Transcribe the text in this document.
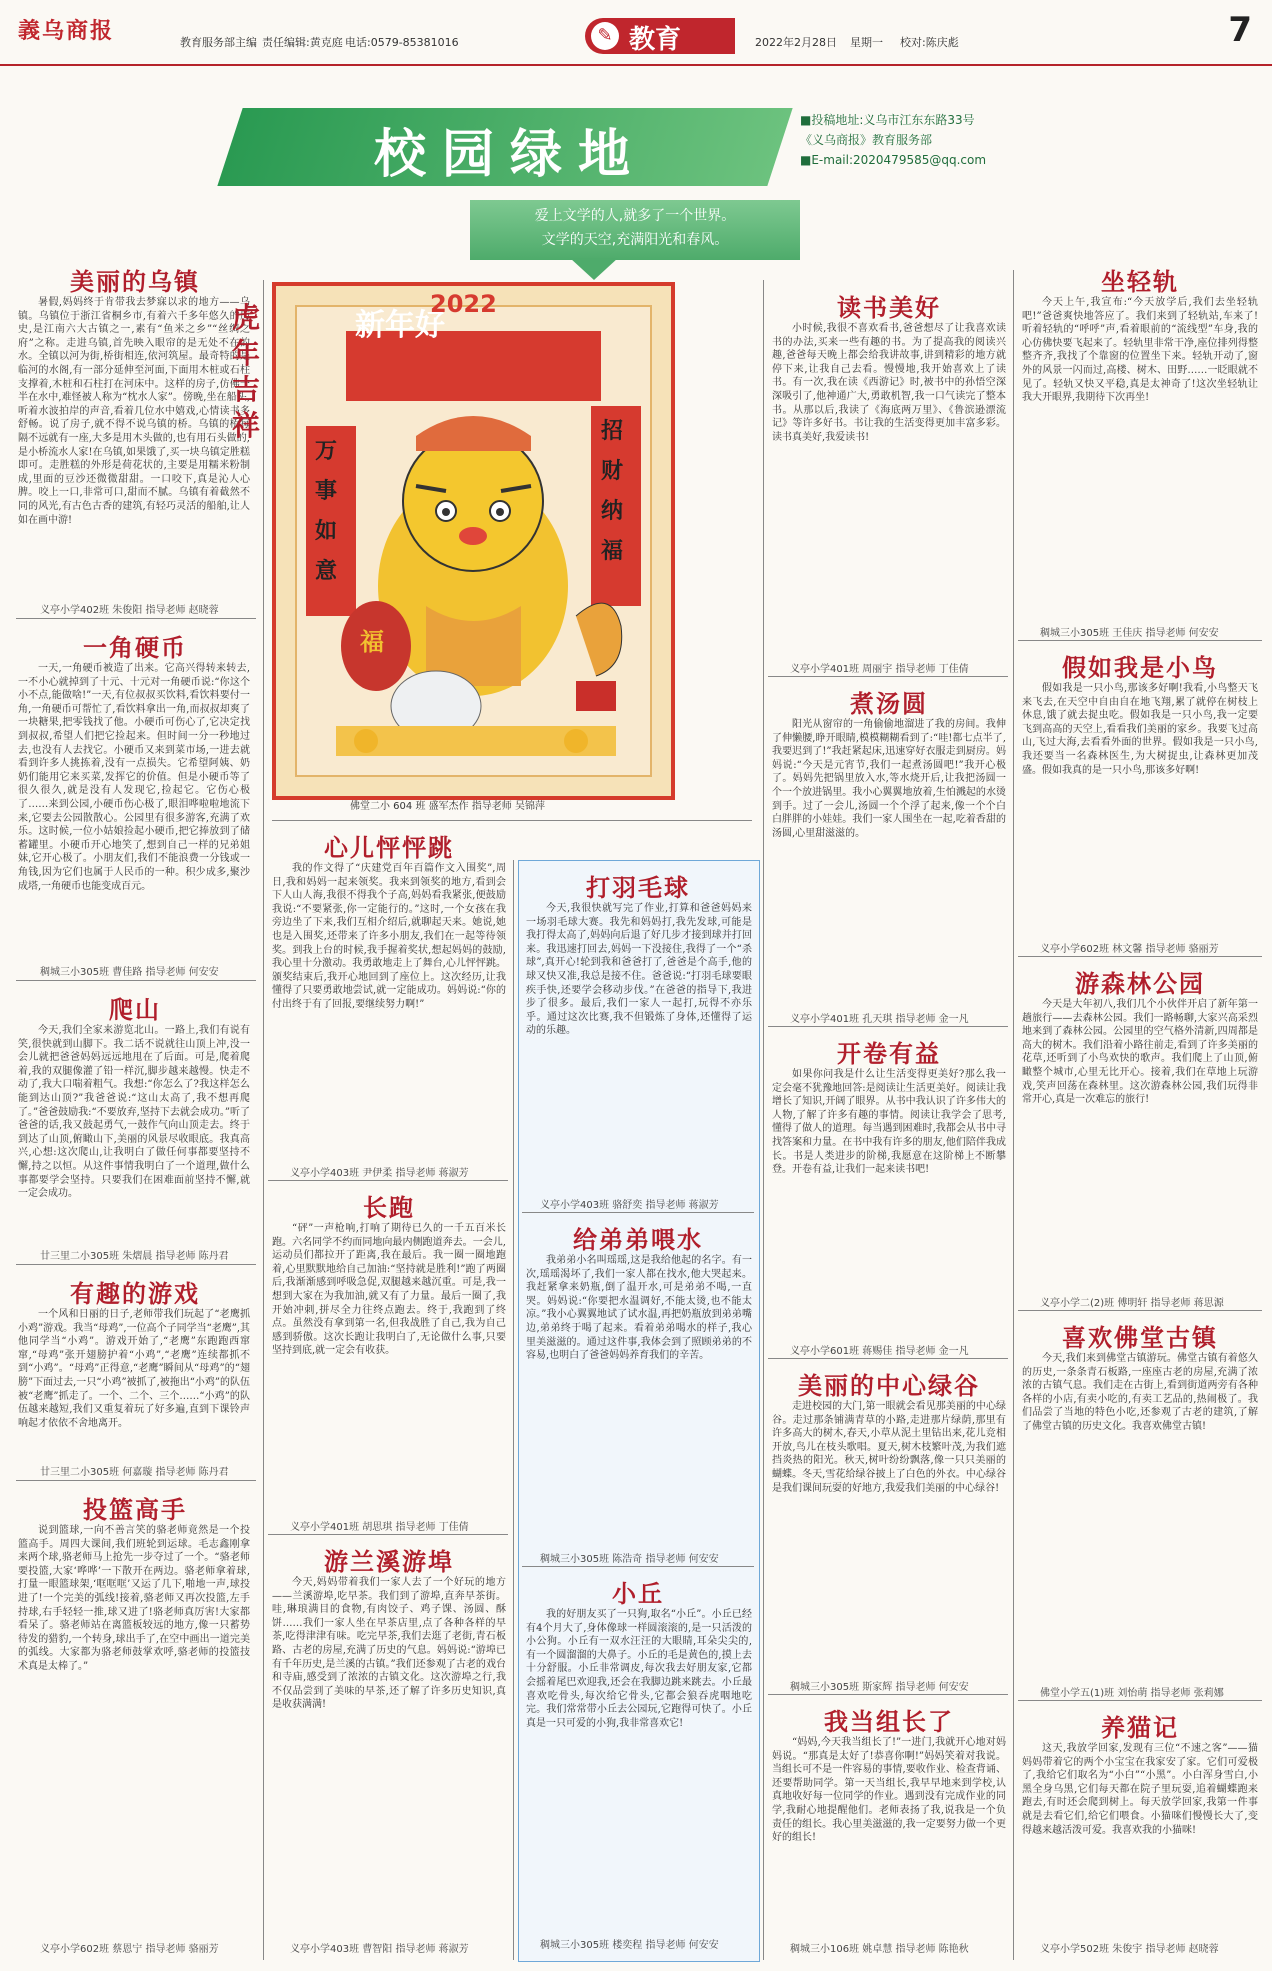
義乌商报	教育服务部主编 责任编辑:黄克庭 电话:0579-85381016	✎ 教育	2022年2月28日 星期一 校对:陈庆彪	7
校园绿地
■投稿地址:义乌市江东东路33号
《义乌商报》教育服务部
■E-mail:2020479585@qq.com
爱上文学的人,就多了一个世界。
文学的天空,充满阳光和春风。
美丽的乌镇
暑假,妈妈终于肯带我去梦寐以求的地方——乌镇。乌镇位于浙江省桐乡市,有着六千多年悠久的历史,是江南六大古镇之一,素有“鱼米之乡”“丝绸之府”之称。走进乌镇,首先映入眼帘的是无处不在的水。全镇以河为街,桥街相连,依河筑屋。最奇特的是临河的水阁,有一部分延伸至河面,下面用木桩或石柱支撑着,木桩和石柱打在河床中。这样的房子,仿佛一半在水中,难怪被人称为“枕水人家”。傍晚,坐在船头,听着水波拍岸的声音,看着几位水中嬉戏,心情读书多舒畅。说了房子,就不得不说乌镇的桥。乌镇的桥每隔不远就有一座,大多是用木头做的,也有用石头做的,是小桥流水人家!在乌镇,如果饿了,买一块乌镇定胜糕即可。走胜糕的外形是荷花状的,主要是用糯米粉制成,里面的豆沙还微微甜甜。一口咬下,真是沁人心脾。咬上一口,非常可口,甜而不腻。乌镇有着截然不同的风光,有古色古香的建筑,有轻巧灵活的船舶,让人如在画中游!
义亭小学402班 朱俊阳 指导老师 赵晓蓉
一角硬币
一天,一角硬币被造了出来。它高兴得转来转去,一不小心就掉到了十元、十元对一角硬币说:“你这个小不点,能做啥!”一天,有位叔叔买饮料,看饮料要付一角,一角硬币可帮忙了,看饮料拿出一角,而叔叔却爽了一块糖果,把零钱找了他。小硬币可伤心了,它决定找到叔叔,希望人们把它捡起来。但时间一分一秒地过去,也没有人去找它。小硬币又来到菜市场,一进去就看到许多人挑拣着,没有一点损失。它希望阿姨、奶奶们能用它来买菜,发挥它的价值。但是小硬币等了很久很久,就是没有人发现它,捡起它。它伤心极了……来到公园,小硬币伤心极了,眼泪哗啦啦地流下来,它要去公园散散心。公园里有很多游客,充满了欢乐。这时候,一位小姑娘捡起小硬币,把它捧放到了储蓄罐里。小硬币开心地笑了,想到自己一样的兄弟姐妹,它开心极了。小朋友们,我们不能浪费一分钱或一角钱,因为它们也属于人民币的一种。积少成多,聚沙成塔,一角硬币也能变成百元。
稠城三小305班 曹佳路 指导老师 何安安
爬山
今天,我们全家来游览北山。一路上,我们有说有笑,很快就到山脚下。我二话不说就往山顶上冲,没一会儿就把爸爸妈妈远远地甩在了后面。可是,爬着爬着,我的双腿像灌了铅一样沉,脚步越来越慢。快走不动了,我大口喘着粗气。我想:“你怎么了?我这样怎么能到达山顶?”我爸爸说:“这山太高了,我不想再爬了。”爸爸鼓励我:“不要放弃,坚持下去就会成功。”听了爸爸的话,我又鼓起勇气,一鼓作气向山顶走去。终于到达了山顶,俯瞰山下,美丽的风景尽收眼底。我真高兴,心想:这次爬山,让我明白了做任何事都要坚持不懈,持之以恒。从这件事情我明白了一个道理,做什么事都要学会坚持。只要我们在困难面前坚持不懈,就一定会成功。
廿三里二小305班 朱熠晨 指导老师 陈丹君
有趣的游戏
一个风和日丽的日子,老师带我们玩起了“老鹰抓小鸡”游戏。我当“母鸡”,一位高个子同学当“老鹰”,其他同学当“小鸡”。游戏开始了,“老鹰”东跑跑西窜窜,“母鸡”张开翅膀护着“小鸡”,“老鹰”连续都抓不到“小鸡”。“母鸡”正得意,“老鹰”瞬间从“母鸡”的“翅膀”下面过去,一只“小鸡”被抓了,被拖出“小鸡”的队伍被“老鹰”抓走了。一个、二个、三个……“小鸡”的队伍越来越短,我们又重复着玩了好多遍,直到下课铃声响起才依依不舍地离开。
廿三里二小305班 何嘉璇 指导老师 陈丹君
投篮高手
说到篮球,一向不善言笑的骆老师竟然是一个投篮高手。周四大课间,我们班轮到运球。毛志鑫刚拿来两个球,骆老师马上抢先一步夺过了一个。“骆老师要投篮,大家‘哗哗’一下散开在两边。骆老师拿着球,打量一眼篮球架,‘哐哐哐’又运了几下,啪地一声,球投进了!一个完美的弧线!接着,骆老师又再次投篮,左手持球,右手轻轻一推,球又进了!骆老师真厉害!大家都看呆了。骆老师站在离篮板较远的地方,像一只蓄势待发的猎豹,一个转身,球出手了,在空中画出一道完美的弧线。大家都为骆老师鼓掌欢呼,骆老师的投篮技术真是太棒了。”
义亭小学602班 蔡恩宁 指导老师 骆丽芳
虎年吉祥
新年好
2022
万事如意
招财纳福
福
佛堂二小 604 班 盛军杰作 指导老师 吴锦萍
心儿怦怦跳
我的作文得了“庆建党百年百篇作文入围奖”,周日,我和妈妈一起来领奖。我来到领奖的地方,看到会下人山人海,我很不得我个子高,妈妈看我紧张,便鼓励我说:“不要紧张,你一定能行的。”这时,一个女孩在我旁边坐了下来,我们互相介绍后,就聊起天来。她说,她也是入围奖,还带来了许多小朋友,我们在一起等待领奖。到我上台的时候,我手握着奖状,想起妈妈的鼓励,我心里十分激动。我勇敢地走上了舞台,心儿怦怦跳。颁奖结束后,我开心地回到了座位上。这次经历,让我懂得了只要勇敢地尝试,就一定能成功。妈妈说:“你的付出终于有了回报,要继续努力啊!”
义亭小学403班 尹伊柔 指导老师 蒋淑芳
长跑
“砰”一声枪响,打响了期待已久的一千五百米长跑。六名同学不约而同地向最内侧跑道奔去。一会儿,运动员们都拉开了距离,我在最后。我一圈一圈地跑着,心里默默地给自己加油:“坚持就是胜利!”跑了两圈后,我渐渐感到呼吸急促,双腿越来越沉重。可是,我一想到大家在为我加油,就又有了力量。最后一圈了,我开始冲刺,拼尽全力往终点跑去。终于,我跑到了终点。虽然没有拿到第一名,但我战胜了自己,我为自己感到骄傲。这次长跑让我明白了,无论做什么事,只要坚持到底,就一定会有收获。
义亭小学401班 胡思琪 指导老师 丁佳倩
游兰溪游埠
今天,妈妈带着我们一家人去了一个好玩的地方——兰溪游埠,吃早茶。我们到了游埠,直奔早茶街。哇,琳琅满目的食物,有肉饺子、鸡子馃、汤圆、酥饼……我们一家人坐在早茶店里,点了各种各样的早茶,吃得津津有味。吃完早茶,我们去逛了老街,青石板路、古老的房屋,充满了历史的气息。妈妈说:“游埠已有千年历史,是兰溪的古镇。”我们还参观了古老的戏台和寺庙,感受到了浓浓的古镇文化。这次游埠之行,我不仅品尝到了美味的早茶,还了解了许多历史知识,真是收获满满!
义亭小学403班 曹智阳 指导老师 蒋淑芳
打羽毛球
今天,我很快就写完了作业,打算和爸爸妈妈来一场羽毛球大赛。我先和妈妈打,我先发球,可能是我打得太高了,妈妈向后退了好几步才接到球并打回来。我迅速打回去,妈妈一下没接住,我得了一个“杀球”,真开心!轮到我和爸爸打了,爸爸是个高手,他的球又快又准,我总是接不住。爸爸说:“打羽毛球要眼疾手快,还要学会移动步伐。”在爸爸的指导下,我进步了很多。最后,我们一家人一起打,玩得不亦乐乎。通过这次比赛,我不但锻炼了身体,还懂得了运动的乐趣。
义亭小学403班 骆舒奕 指导老师 蒋淑芳
给弟弟喂水
我弟弟小名叫瑶瑶,这是我给他起的名字。有一次,瑶瑶渴坏了,我们一家人都在找水,他大哭起来。我赶紧拿来奶瓶,倒了温开水,可是弟弟不喝,一直哭。妈妈说:“你要把水温调好,不能太烫,也不能太凉。”我小心翼翼地试了试水温,再把奶瓶放到弟弟嘴边,弟弟终于喝了起来。看着弟弟喝水的样子,我心里美滋滋的。通过这件事,我体会到了照顾弟弟的不容易,也明白了爸爸妈妈养育我们的辛苦。
稠城三小305班 陈浩奇 指导老师 何安安
小丘
我的好朋友买了一只狗,取名“小丘”。小丘已经有4个月大了,身体像球一样圆滚滚的,是一只活泼的小公狗。小丘有一双水汪汪的大眼睛,耳朵尖尖的,有一个圆溜溜的大鼻子。小丘的毛是黄色的,摸上去十分舒服。小丘非常调皮,每次我去好朋友家,它都会摇着尾巴欢迎我,还会在我脚边跳来跳去。小丘最喜欢吃骨头,每次给它骨头,它都会狼吞虎咽地吃完。我们常常带小丘去公园玩,它跑得可快了。小丘真是一只可爱的小狗,我非常喜欢它!
稠城三小305班 楼奕程 指导老师 何安安
读书美好
小时候,我很不喜欢看书,爸爸想尽了让我喜欢读书的办法,买来一些有趣的书。为了提高我的阅读兴趣,爸爸每天晚上都会给我讲故事,讲到精彩的地方就停下来,让我自己去看。慢慢地,我开始喜欢上了读书。有一次,我在读《西游记》时,被书中的孙悟空深深吸引了,他神通广大,勇敢机智,我一口气读完了整本书。从那以后,我读了《海底两万里》、《鲁滨逊漂流记》等许多好书。书让我的生活变得更加丰富多彩。读书真美好,我爱读书!
义亭小学401班 周丽宇 指导老师 丁佳倩
煮汤圆
阳光从窗帘的一角偷偷地溜进了我的房间。我伸了伸懒腰,睁开眼睛,模模糊糊看到了:“哇!都七点半了,我要迟到了!”我赶紧起床,迅速穿好衣服走到厨房。妈妈说:“今天是元宵节,我们一起煮汤圆吧!”我开心极了。妈妈先把锅里放入水,等水烧开后,让我把汤圆一个一个放进锅里。我小心翼翼地放着,生怕溅起的水烫到手。过了一会儿,汤圆一个个浮了起来,像一个个白白胖胖的小娃娃。我们一家人围坐在一起,吃着香甜的汤圆,心里甜滋滋的。
义亭小学401班 孔天琪 指导老师 金一凡
开卷有益
如果你问我是什么让生活变得更美好?那么我一定会毫不犹豫地回答:是阅读让生活更美好。阅读让我增长了知识,开阔了眼界。从书中我认识了许多伟大的人物,了解了许多有趣的事情。阅读让我学会了思考,懂得了做人的道理。每当遇到困难时,我都会从书中寻找答案和力量。在书中我有许多的朋友,他们陪伴我成长。书是人类进步的阶梯,我愿意在这阶梯上不断攀登。开卷有益,让我们一起来读书吧!
义亭小学601班 蒋赐佳 指导老师 金一凡
美丽的中心绿谷
走进校园的大门,第一眼就会看见那美丽的中心绿谷。走过那条铺满青草的小路,走进那片绿荫,那里有许多高大的树木,春天,小草从泥土里钻出来,花儿竞相开放,鸟儿在枝头歌唱。夏天,树木枝繁叶茂,为我们遮挡炎热的阳光。秋天,树叶纷纷飘落,像一只只美丽的蝴蝶。冬天,雪花给绿谷披上了白色的外衣。中心绿谷是我们课间玩耍的好地方,我爱我们美丽的中心绿谷!
稠城三小305班 斯家辉 指导老师 何安安
我当组长了
“妈妈,今天我当组长了!”一进门,我就开心地对妈妈说。“那真是太好了!恭喜你啊!”妈妈笑着对我说。当组长可不是一件容易的事情,要收作业、检查背诵、还要帮助同学。第一天当组长,我早早地来到学校,认真地收好每一位同学的作业。遇到没有完成作业的同学,我耐心地提醒他们。老师表扬了我,说我是一个负责任的组长。我心里美滋滋的,我一定要努力做一个更好的组长!
稠城三小106班 姚卓慧 指导老师 陈艳秋
坐轻轨
今天上午,我宣布:“今天放学后,我们去坐轻轨吧!”爸爸爽快地答应了。我们来到了轻轨站,车来了!听着轻轨的“呼呼”声,看着眼前的“流线型”车身,我的心仿佛快要飞起来了。轻轨里非常干净,座位排列得整整齐齐,我找了个靠窗的位置坐下来。轻轨开动了,窗外的风景一闪而过,高楼、树木、田野……一眨眼就不见了。轻轨又快又平稳,真是太神奇了!这次坐轻轨让我大开眼界,我期待下次再坐!
稠城三小305班 王佳庆 指导老师 何安安
假如我是小鸟
假如我是一只小鸟,那该多好啊!我看,小鸟整天飞来飞去,在天空中自由自在地飞翔,累了就停在树枝上休息,饿了就去捉虫吃。假如我是一只小鸟,我一定要飞到高高的天空上,看看我们美丽的家乡。我要飞过高山,飞过大海,去看看外面的世界。假如我是一只小鸟,我还要当一名森林医生,为大树捉虫,让森林更加茂盛。假如我真的是一只小鸟,那该多好啊!
义亭小学602班 林文馨 指导老师 骆丽芳
游森林公园
今天是大年初八,我们几个小伙伴开启了新年第一趟旅行——去森林公园。我们一路畅聊,大家兴高采烈地来到了森林公园。公园里的空气格外清新,四周都是高大的树木。我们沿着小路往前走,看到了许多美丽的花草,还听到了小鸟欢快的歌声。我们爬上了山顶,俯瞰整个城市,心里无比开心。接着,我们在草地上玩游戏,笑声回荡在森林里。这次游森林公园,我们玩得非常开心,真是一次难忘的旅行!
义亭小学二(2)班 傅明轩 指导老师 蒋思源
喜欢佛堂古镇
今天,我们来到佛堂古镇游玩。佛堂古镇有着悠久的历史,一条条青石板路,一座座古老的房屋,充满了浓浓的古镇气息。我们走在古街上,看到街道两旁有各种各样的小店,有卖小吃的,有卖工艺品的,热闹极了。我们品尝了当地的特色小吃,还参观了古老的建筑,了解了佛堂古镇的历史文化。我喜欢佛堂古镇!
佛堂小学五(1)班 刘怡萌 指导老师 张莉娜
养猫记
这天,我放学回家,发现有三位“不速之客”——猫妈妈带着它的两个小宝宝在我家安了家。它们可爱极了,我给它们取名为“小白”“小黑”。小白浑身雪白,小黑全身乌黑,它们每天都在院子里玩耍,追着蝴蝶跑来跑去,有时还会爬到树上。每天放学回家,我第一件事就是去看它们,给它们喂食。小猫咪们慢慢长大了,变得越来越活泼可爱。我喜欢我的小猫咪!
义亭小学502班 朱俊宇 指导老师 赵晓蓉
